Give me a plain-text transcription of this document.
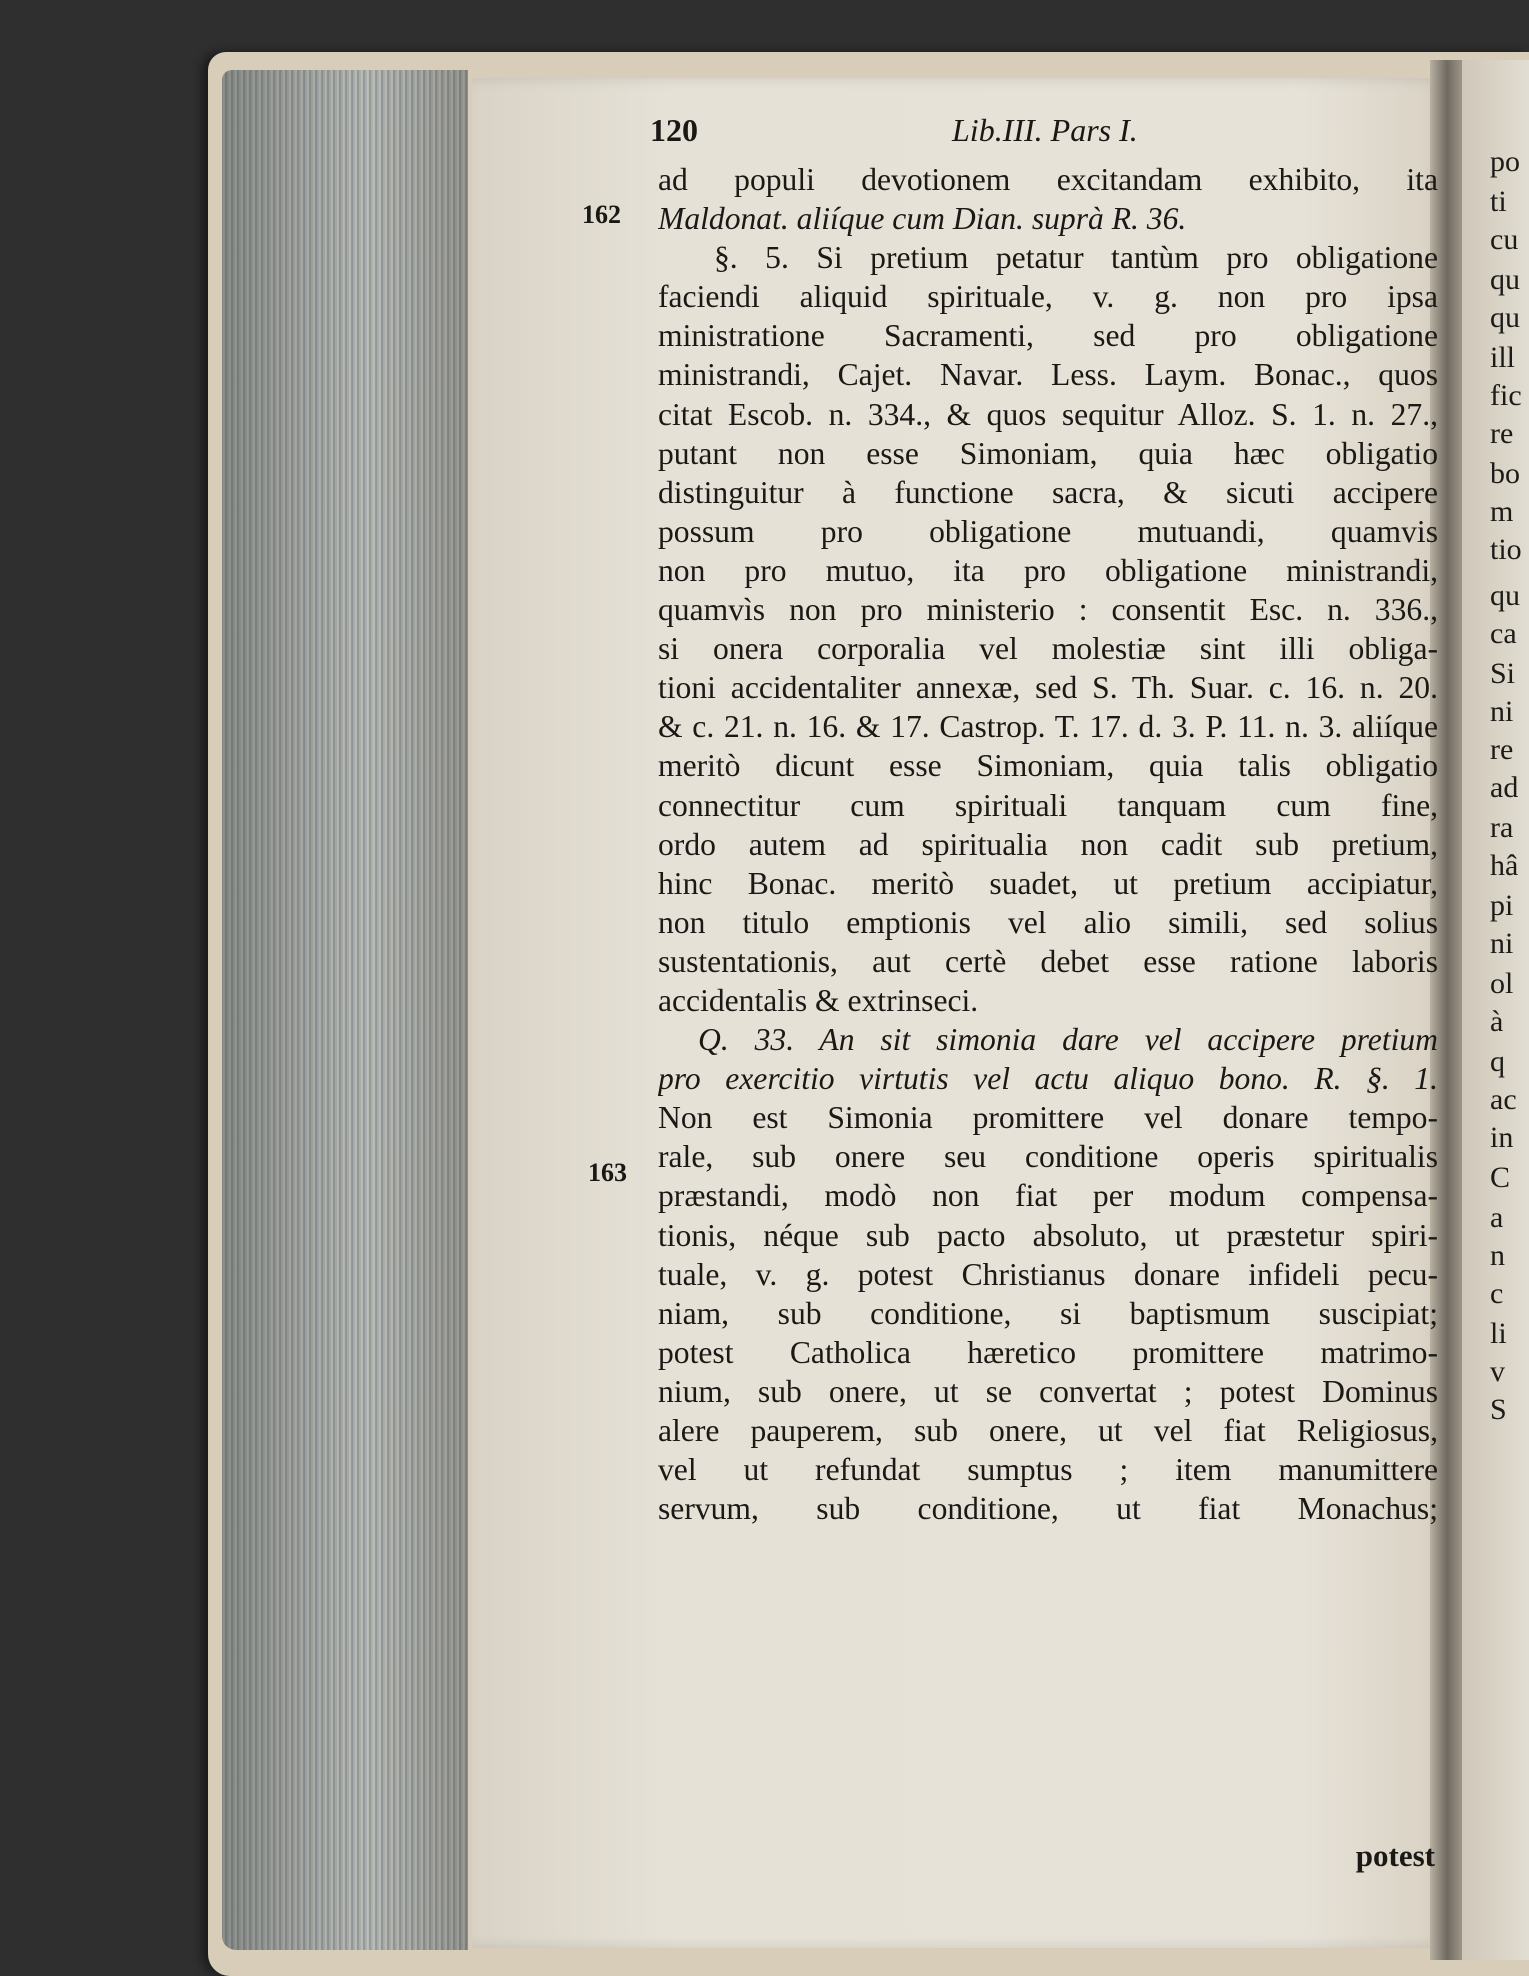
po
ti
cu
qu
qu
ill
fic
re
bo
m
tio
qu
ca
Si
ni
re
ad
ra
hâ
pi
ni
ol
à
q
ac
in
C
a
n
c
li
v
S
120	Lib.III. Pars I.
162
163
ad populi devotionem excitandam exhibito, ita
Maldonat. aliíque cum Dian. suprà R. 36.
§. 5. Si pretium petatur tantùm pro obligatione
faciendi aliquid spirituale, v. g. non pro ipsa
ministratione Sacramenti, sed pro obligatione
ministrandi, Cajet. Navar. Less. Laym. Bonac., quos
citat Escob. n. 334., & quos sequitur Alloz. S. 1. n. 27.,
putant non esse Simoniam, quia hæc obligatio
distinguitur à functione sacra, & sicuti accipere
possum pro obligatione mutuandi, quamvis
non pro mutuo, ita pro obligatione ministrandi,
quamvìs non pro ministerio : consentit Esc. n. 336.,
si onera corporalia vel molestiæ sint illi obliga-
tioni accidentaliter annexæ, sed S. Th. Suar. c. 16. n. 20.
& c. 21. n. 16. & 17. Castrop. T. 17. d. 3. P. 11. n. 3. aliíque
meritò dicunt esse Simoniam, quia talis obligatio
connectitur cum spirituali tanquam cum fine,
ordo autem ad spiritualia non cadit sub pretium,
hinc Bonac. meritò suadet, ut pretium accipiatur,
non titulo emptionis vel alio simili, sed solius
sustentationis, aut certè debet esse ratione laboris
accidentalis & extrinseci.
Q. 33. An sit simonia dare vel accipere pretium
pro exercitio virtutis vel actu aliquo bono. R. §. 1.
Non est Simonia promittere vel donare tempo-
rale, sub onere seu conditione operis spiritualis
præstandi, modò non fiat per modum compensa-
tionis, néque sub pacto absoluto, ut præstetur spiri-
tuale, v. g. potest Christianus donare infideli pecu-
niam, sub conditione, si baptismum suscipiat;
potest Catholica hæretico promittere matrimo-
nium, sub onere, ut se convertat ; potest Dominus
alere pauperem, sub onere, ut vel fiat Religiosus,
vel ut refundat sumptus ; item manumittere
servum, sub conditione, ut fiat Monachus;
potest
